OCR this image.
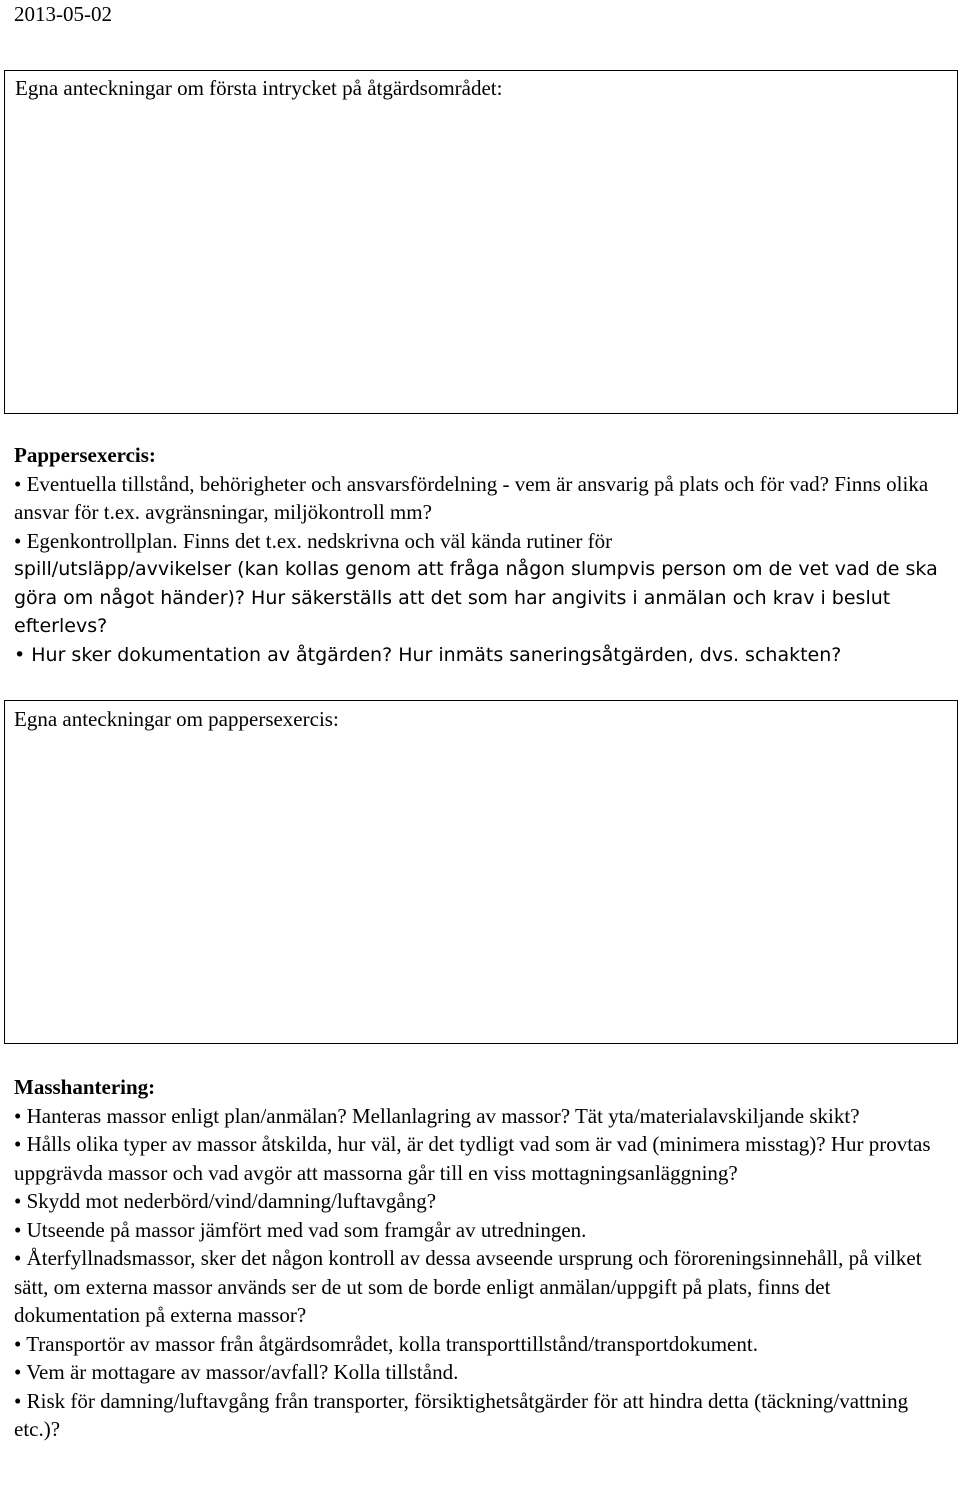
2013-05-02
Egna anteckningar om första intrycket på åtgärdsområdet:
Pappersexercis:

• Eventuella tillstånd, behörigheter och ansvarsfördelning - vem är ansvarig på plats och för vad? Finns olika ansvar för t.ex. avgränsningar, miljökontroll mm?

• Egenkontrollplan. Finns det t.ex. nedskrivna och väl kända rutiner för

spill/utsläpp/avvikelser (kan kollas genom att fråga någon slumpvis person om de vet vad de ska göra om något händer)? Hur säkerställs att det som har angivits i anmälan och krav i beslut efterlevs?

• Hur sker dokumentation av åtgärden? Hur inmäts saneringsåtgärden, dvs. schakten?

Egna anteckningar om pappersexercis:
Masshantering:

• Hanteras massor enligt plan/anmälan? Mellanlagring av massor? Tät yta/materialavskiljande skikt?

• Hålls olika typer av massor åtskilda, hur väl, är det tydligt vad som är vad (minimera misstag)? Hur provtas uppgrävda massor och vad avgör att massorna går till en viss mottagningsanläggning?

• Skydd mot nederbörd/vind/damning/luftavgång?

• Utseende på massor jämfört med vad som framgår av utredningen.

• Återfyllnadsmassor, sker det någon kontroll av dessa avseende ursprung och föroreningsinnehåll, på vilket sätt, om externa massor används ser de ut som de borde enligt anmälan/uppgift på plats, finns det dokumentation på externa massor?

• Transportör av massor från åtgärdsområdet, kolla transporttillstånd/transportdokument.

• Vem är mottagare av massor/avfall? Kolla tillstånd.

• Risk för damning/luftavgång från transporter, försiktighetsåtgärder för att hindra detta (täckning/vattning etc.)?
